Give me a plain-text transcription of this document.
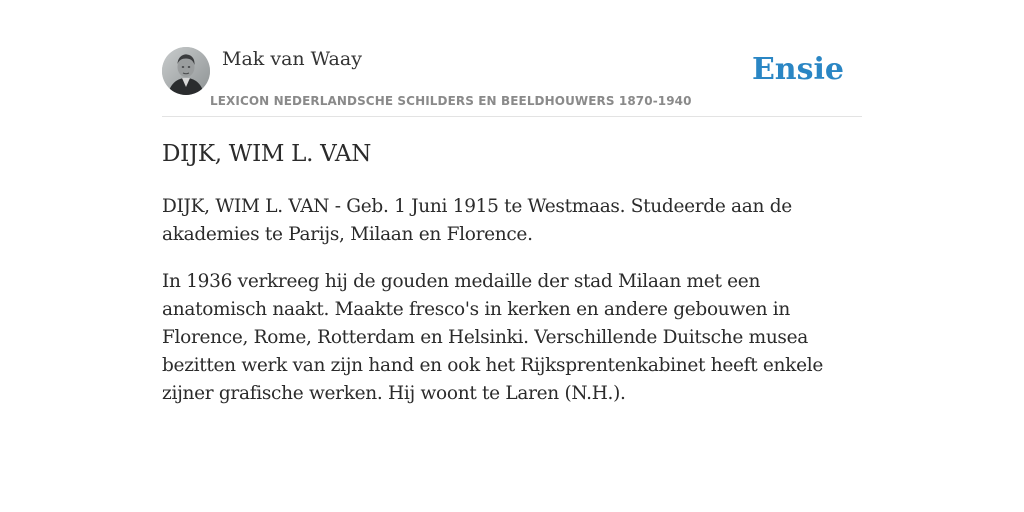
Mak van Waay
LEXICON NEDERLANDSCHE SCHILDERS EN BEELDHOUWERS 1870-1940
Ensie
DIJK, WIM L. VAN

DIJK, WIM L. VAN - Geb. 1 Juni 1915 te Westmaas. Studeerde aan de akademies te Parijs, Milaan en Florence.

In 1936 verkreeg hij de gouden medaille der stad Milaan met een anatomisch naakt. Maakte fresco's in kerken en andere gebouwen in Florence, Rome, Rotterdam en Helsinki. Verschillende Duitsche musea bezitten werk van zijn hand en ook het Rijksprentenkabinet heeft enkele zijner grafische werken. Hij woont te Laren (N.H.).
